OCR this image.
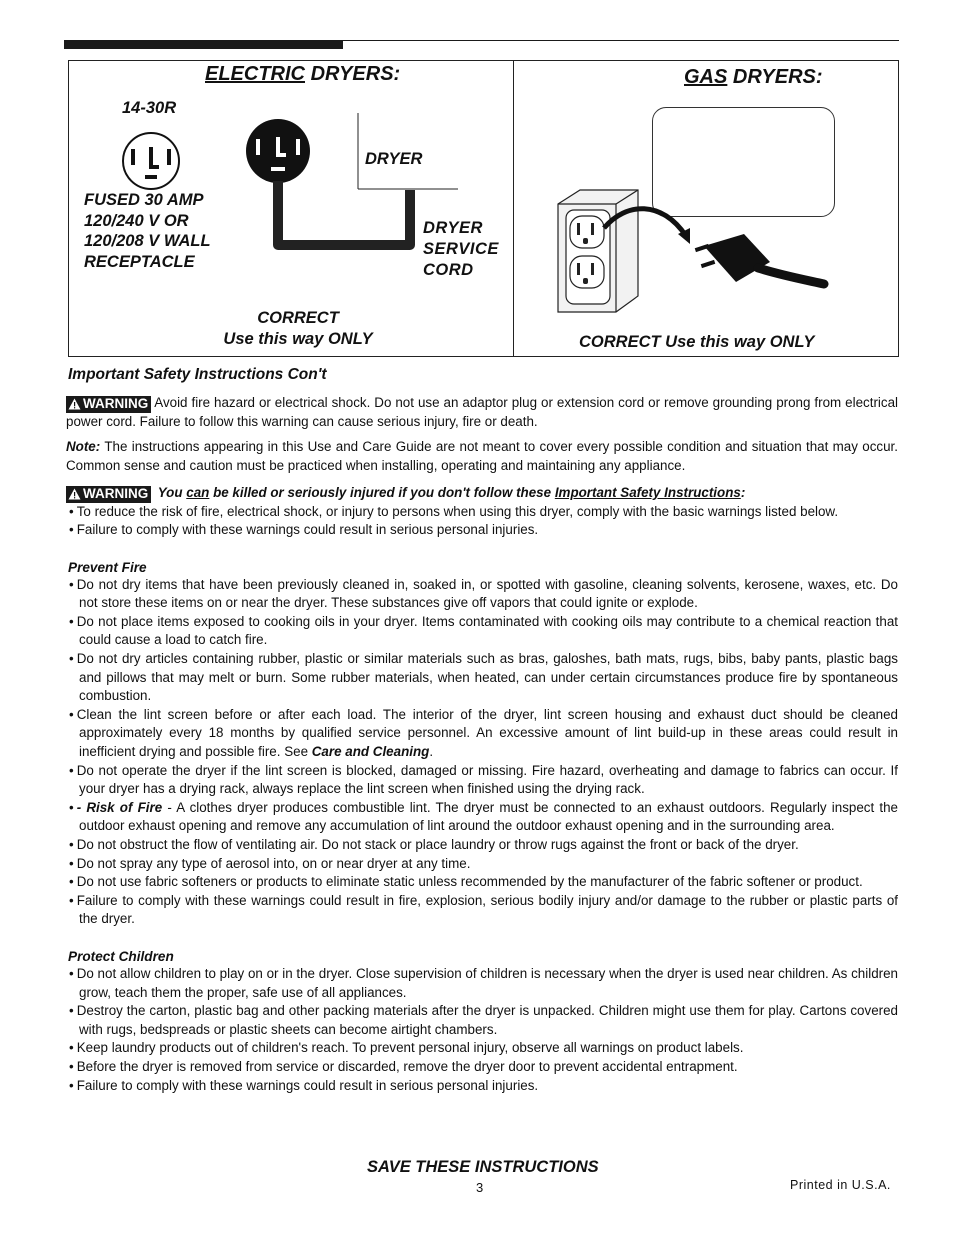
ELECTRIC DRYERS:
14-30R
DRYER
FUSED 30 AMP
120/240 V OR
120/208 V WALL
RECEPTACLE
DRYER
SERVICE
CORD
CORRECT
Use this way ONLY
GAS DRYERS:
CORRECT Use this way ONLY
Important Safety Instructions Con't

WARNING Avoid fire hazard or electrical shock. Do not use an adaptor plug or extension cord or remove grounding prong from electrical power cord. Failure to follow this warning can cause serious injury, fire or death.

Note: The instructions appearing in this Use and Care Guide are not meant to cover every possible condition and situation that may occur. Common sense and caution must be practiced when installing, operating and maintaining any appliance.

WARNING You can be killed or seriously injured if you don't follow these Important Safety Instructions:

• To reduce the risk of fire, electrical shock, or injury to persons when using this dryer, comply with the basic warnings listed below.
• Failure to comply with these warnings could result in serious personal injuries.
Prevent Fire
• Do not dry items that have been previously cleaned in, soaked in, or spotted with gasoline, cleaning solvents, kerosene, waxes, etc. Do not store these items on or near the dryer. These substances give off vapors that could ignite or explode.
• Do not place items exposed to cooking oils in your dryer. Items contaminated with cooking oils may contribute to a chemical reaction that could cause a load to catch fire.
• Do not dry articles containing rubber, plastic or similar materials such as bras, galoshes, bath mats, rugs, bibs, baby pants, plastic bags and pillows that may melt or burn. Some rubber materials, when heated, can under certain circumstances produce fire by spontaneous combustion.
• Clean the lint screen before or after each load. The interior of the dryer, lint screen housing and exhaust duct should be cleaned approximately every 18 months by qualified service personnel. An excessive amount of lint build-up in these areas could result in inefficient drying and possible fire. See Care and Cleaning.
• Do not operate the dryer if the lint screen is blocked, damaged or missing. Fire hazard, overheating and damage to fabrics can occur. If your dryer has a drying rack, always replace the lint screen when finished using the drying rack.
• - Risk of Fire - A clothes dryer produces combustible lint. The dryer must be connected to an exhaust outdoors. Regularly inspect the outdoor exhaust opening and remove any accumulation of lint around the outdoor exhaust opening and in the surrounding area.
• Do not obstruct the flow of ventilating air. Do not stack or place laundry or throw rugs against the front or back of the dryer.
• Do not spray any type of aerosol into, on or near dryer at any time.
• Do not use fabric softeners or products to eliminate static unless recommended by the manufacturer of the fabric softener or product.
• Failure to comply with these warnings could result in fire, explosion, serious bodily injury and/or damage to the rubber or plastic parts of the dryer.
Protect Children
• Do not allow children to play on or in the dryer. Close supervision of children is necessary when the dryer is used near children. As children grow, teach them the proper, safe use of all appliances.
• Destroy the carton, plastic bag and other packing materials after the dryer is unpacked. Children might use them for play. Cartons covered with rugs, bedspreads or plastic sheets can become airtight chambers.
• Keep laundry products out of children's reach. To prevent personal injury, observe all warnings on product labels.
• Before the dryer is removed from service or discarded, remove the dryer door to prevent accidental entrapment.
• Failure to comply with these warnings could result in serious personal injuries.
SAVE THESE INSTRUCTIONS
3	Printed in U.S.A.
